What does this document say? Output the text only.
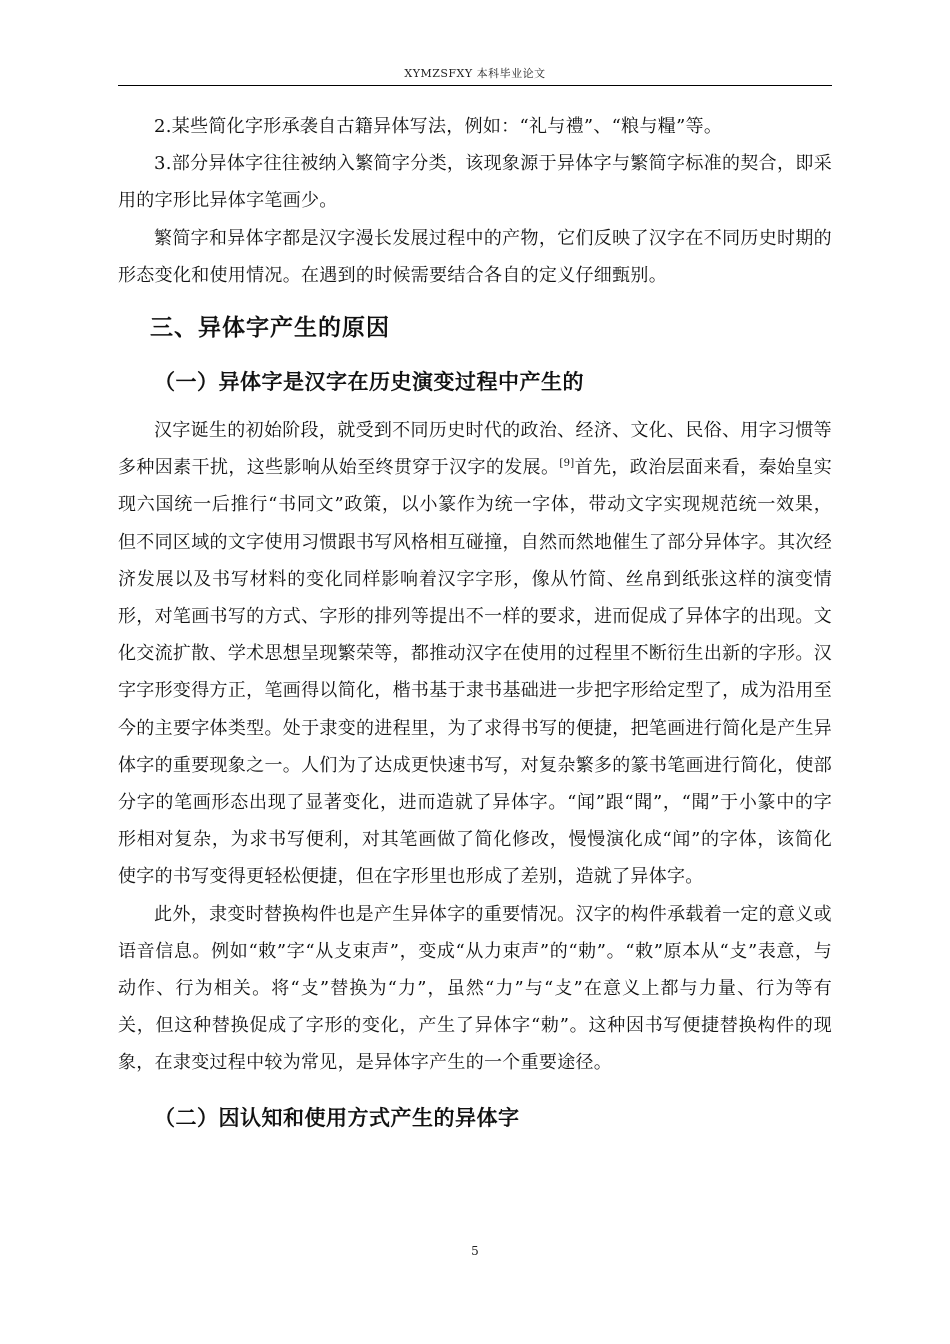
XYMZSFXY 本科毕业论文

2.某些简化字形承袭自古籍异体写法，例如：“礼与禮”、“粮与糧”等。

3.部分异体字往往被纳入繁简字分类，该现象源于异体字与繁简字标准的契合，即采用的字形比异体字笔画少。

繁简字和异体字都是汉字漫长发展过程中的产物，它们反映了汉字在不同历史时期的形态变化和使用情况。在遇到的时候需要结合各自的定义仔细甄别。

三、异体字产生的原因
（一）异体字是汉字在历史演变过程中产生的

汉字诞生的初始阶段，就受到不同历史时代的政治、经济、文化、民俗、用字习惯等多种因素干扰，这些影响从始至终贯穿于汉字的发展。[9]首先，政治层面来看，秦始皇实现六国统一后推行“书同文”政策，以小篆作为统一字体，带动文字实现规范统一效果，但不同区域的文字使用习惯跟书写风格相互碰撞，自然而然地催生了部分异体字。其次经济发展以及书写材料的变化同样影响着汉字字形，像从竹简、丝帛到纸张这样的演变情形，对笔画书写的方式、字形的排列等提出不一样的要求，进而促成了异体字的出现。文化交流扩散、学术思想呈现繁荣等，都推动汉字在使用的过程里不断衍生出新的字形。汉字字形变得方正，笔画得以简化，楷书基于隶书基础进一步把字形给定型了，成为沿用至今的主要字体类型。处于隶变的进程里，为了求得书写的便捷，把笔画进行简化是产生异体字的重要现象之一。人们为了达成更快速书写，对复杂繁多的篆书笔画进行简化，使部分字的笔画形态出现了显著变化，进而造就了异体字。“闻”跟“聞”，“聞”于小篆中的字形相对复杂，为求书写便利，对其笔画做了简化修改，慢慢演化成“闻”的字体，该简化使字的书写变得更轻松便捷，但在字形里也形成了差别，造就了异体字。

此外，隶变时替换构件也是产生异体字的重要情况。汉字的构件承载着一定的意义或语音信息。例如“敕”字“从攴束声”，变成“从力束声”的“勅”。“敕”原本从“攴”表意，与动作、行为相关。将“攴”替换为“力”，虽然“力”与“攴”在意义上都与力量、行为等有关，但这种替换促成了字形的变化，产生了异体字“勅”。这种因书写便捷替换构件的现象，在隶变过程中较为常见，是异体字产生的一个重要途径。

（二）因认知和使用方式产生的异体字
5
